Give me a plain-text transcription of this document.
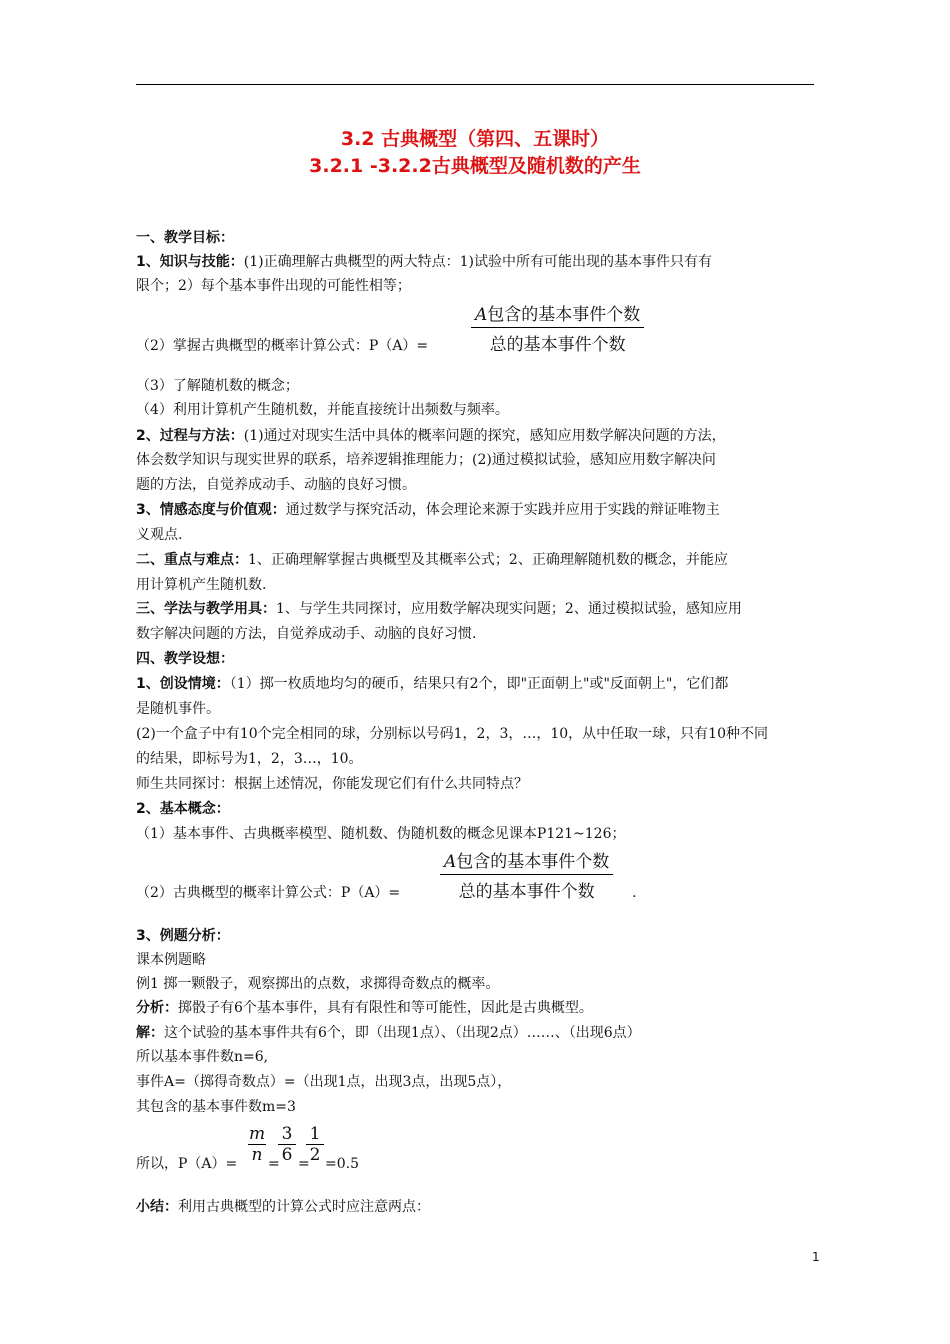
3.2 古典概型（第四、五课时）
3.2.1 -3.2.2古典概型及随机数的产生
一、教学目标：
1、知识与技能：(1)正确理解古典概型的两大特点：1)试验中所有可能出现的基本事件只有有
限个；2）每个基本事件出现的可能性相等；
（2）掌握古典概型的概率计算公式：P（A）=
A包含的基本事件个数
总的基本事件个数
（3）了解随机数的概念；
（4）利用计算机产生随机数，并能直接统计出频数与频率。
2、过程与方法：(1)通过对现实生活中具体的概率问题的探究，感知应用数学解决问题的方法，
体会数学知识与现实世界的联系，培养逻辑推理能力；(2)通过模拟试验，感知应用数字解决问
题的方法，自觉养成动手、动脑的良好习惯。
3、情感态度与价值观：通过数学与探究活动，体会理论来源于实践并应用于实践的辩证唯物主
义观点.
二、重点与难点：1、正确理解掌握古典概型及其概率公式；2、正确理解随机数的概念，并能应
用计算机产生随机数.
三、学法与教学用具：1、与学生共同探讨，应用数学解决现实问题；2、通过模拟试验，感知应用
数字解决问题的方法，自觉养成动手、动脑的良好习惯.
四、教学设想：
1、创设情境：（1）掷一枚质地均匀的硬币，结果只有2个，即"正面朝上"或"反面朝上"，它们都
是随机事件。
(2)一个盒子中有10个完全相同的球，分别标以号码1，2，3，…，10，从中任取一球，只有10种不同
的结果，即标号为1，2，3…，10。
师生共同探讨：根据上述情况，你能发现它们有什么共同特点？
2、基本概念：
（1）基本事件、古典概率模型、随机数、伪随机数的概念见课本P121~126；
（2）古典概型的概率计算公式：P（A）=
A包含的基本事件个数
总的基本事件个数	.
3、例题分析：
课本例题略
例1 掷一颗骰子，观察掷出的点数，求掷得奇数点的概率。
分析：掷骰子有6个基本事件，具有有限性和等可能性，因此是古典概型。
解：这个试验的基本事件共有6个，即（出现1点）、（出现2点）……、（出现6点）
所以基本事件数n=6,
事件A=（掷得奇数点）=（出现1点，出现3点，出现5点），
其包含的基本事件数m=3
所以，P（A）=
m
n =
3
6 =
1
2 =0.5
小结：利用古典概型的计算公式时应注意两点：
1
